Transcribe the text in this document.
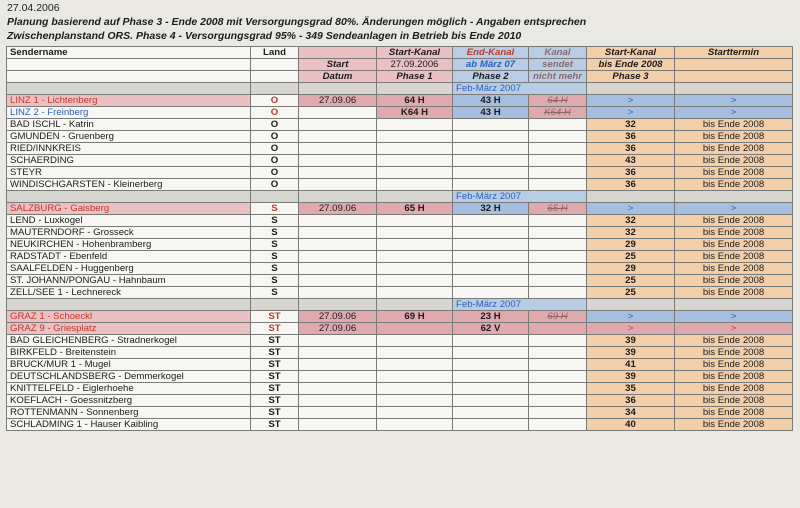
27.04.2006
Planung basierend auf Phase 3 - Ende 2008 mit Versorgungsgrad 80%. Änderungen möglich - Angaben entsprechen
Zwischenplanstand ORS. Phase 4 - Versorgungsgrad 95% - 349 Sendeanlagen in Betrieb bis Ende 2010
Sendername	Land		Start-Kanal	End-Kanal	Kanal	Start-Kanal	Starttermin
		Start	27.09.2006	ab März 07	sendet	bis Ende 2008	
		Datum	Phase 1	Phase 2	nicht mehr	Phase 3	
				Feb-März 2007			
LINZ 1 - Lichtenberg	O	27.09.06	64 H	43 H	64 H	>	>
LINZ 2 - Freinberg	O		K64 H	43 H	K64 H	>	>
BAD ISCHL - Katrin	O					32	bis Ende 2008
GMUNDEN - Gruenberg	O					36	bis Ende 2008
RIED/INNKREIS	O					36	bis Ende 2008
SCHAERDING	O					43	bis Ende 2008
STEYR	O					36	bis Ende 2008
WINDISCHGARSTEN - Kleinerberg	O					36	bis Ende 2008
				Feb-März 2007			
SALZBURG - Gaisberg	S	27.09.06	65 H	32 H	65 H	>	>
LEND - Luxkogel	S					32	bis Ende 2008
MAUTERNDORF - Grosseck	S					32	bis Ende 2008
NEUKIRCHEN - Hohenbramberg	S					29	bis Ende 2008
RADSTADT - Ebenfeld	S					25	bis Ende 2008
SAALFELDEN - Huggenberg	S					29	bis Ende 2008
ST. JOHANN/PONGAU - Hahnbaum	S					25	bis Ende 2008
ZELL/SEE 1 - Lechnereck	S					25	bis Ende 2008
				Feb-März 2007			
GRAZ 1 - Schoeckl	ST	27.09.06	69 H	23 H	69 H	>	>
GRAZ 9 - Griesplatz	ST	27.09.06		62 V		>	>
BAD GLEICHENBERG - Stradnerkogel	ST					39	bis Ende 2008
BIRKFELD - Breitenstein	ST					39	bis Ende 2008
BRUCK/MUR 1 - Mugel	ST					41	bis Ende 2008
DEUTSCHLANDSBERG - Demmerkogel	ST					39	bis Ende 2008
KNITTELFELD - Eiglerhoehe	ST					35	bis Ende 2008
KOEFLACH - Goessnitzberg	ST					36	bis Ende 2008
ROTTENMANN - Sonnenberg	ST					34	bis Ende 2008
SCHLADMING 1 - Hauser Kaibling	ST					40	bis Ende 2008
